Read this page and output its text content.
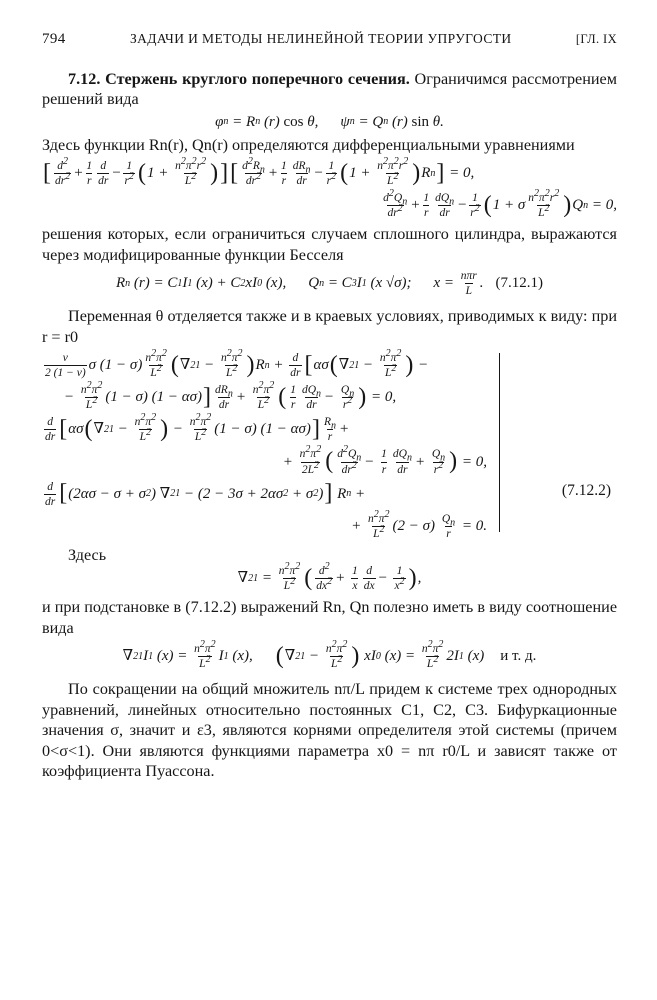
794	ЗАДАЧИ И МЕТОДЫ НЕЛИНЕЙНОЙ ТЕОРИИ УПРУГОСТИ	[ГЛ. IX

7.12. Стержень круглого поперечного сечения. Ограничимся рассмотрением решений вида

φ n = R n (r) cos θ, ψ n = Q n (r) sin θ.

Здесь функции Rn(r), Qn(r) определяются дифференциальными уравнениями

[ $\frac{d2}{dr2} + \frac{1}{r} \frac{d}{dr} - \frac{1}{r2}$ ( $1 + \frac{n2\pi 2r2}{L2}$ ) ] [ $\frac{d2Rn}{dr2} + \frac{1}{r} \frac{\text{dRn}}{dr} - \frac{1}{r2}$ ( $1 + \frac{n2\pi 2r2}{L2}$ ) R n ] = 0,
$\frac{d2Qn}{dr2} + \frac{1}{r} \frac{\text{dQn}}{dr} - \frac{1}{r2}$ ( 1 + σ $\frac{n2\pi 2r2}{L2}$ ) Q n = 0,

решения которых, если ограничиться случаем сплошного цилиндра, выражаются через модифицированные функции Бесселя

R n (r) = C 1 I 1 (x) + C 2 xI 0 (x), Q n = C 3 I 1 (x √σ); $x = \frac{\text{nπr}}{L}$ . (7.12.1)

Переменная θ отделяется также и в краевых условиях, приводимых к виду: при r = r0

(7.12.2)
$\frac{\nu}{2 (1 - \nu)}$ σ $(1 - \sigma) \frac{n2\pi 2}{L2}$ ( ∇ 2 $1 - \frac{n2\pi 2}{L2}$ ) R $n + \frac{d}{dr}$ [ ασ ( ∇ 2 $1 - \frac{n2\pi 2}{L2}$ ) −
− $\frac{n2\pi 2}{L2} (1 - \sigma) (1 - \alpha\sigma)$ ] $\frac{\text{dRn}}{dr} + \frac{n2\pi 2}{L2}$ ( $\frac{1}{r} \frac{\text{dQn}}{dr} - \frac{Qn}{r2}$ ) = 0,
$\frac{d}{dr}$ [ ασ ( ∇ 2 $1 - \frac{n2\pi 2}{L2}$ ) − $\frac{n2\pi 2}{L2} (1 - \sigma) (1 - \alpha\sigma)$ ] $\frac{Rn}{r}$ +
+ $\frac{n2\pi 2}{2L2}$ ( $\frac{d2Qn}{dr2} - \frac{1}{r} \frac{\text{dQn}}{dr} + \frac{Qn}{r2}$ ) = 0,
$\frac{d}{dr}$ [ (2ασ − σ + σ 2 ) ∇ 2 1 − (2 − 3σ + 2ασ 2 + σ 2 ) ] R n +
+ $\frac{n2\pi 2}{L2} (2 - \sigma) \frac{Qn}{r} = 0$.

Здесь

∇ 2 $1 = \frac{n2\pi 2}{L2}$ ( $\frac{d2}{dx2} + \frac{1}{x} \frac{d}{dx} - \frac{1}{x2}$ ) ,

и при подстановке в (7.12.2) выражений Rn, Qn полезно иметь в виду соотношение вида

∇ 2 1 I 1 $(x) = \frac{n2\pi 2}{L2}$ I 1 (x), ( ∇ 2 $1 - \frac{n2\pi 2}{L2}$ ) xI 0 $(x) = \frac{n2\pi 2}{L2} 2I$ 1 (x) и т. д.

По сокращении на общий множитель nπ/L придем к системе трех однородных уравнений, линейных относительно постоянных C1, C2, C3. Бифуркационные значения σ, значит и ε3, являются корнями определителя этой системы (причем 0<σ<1). Они являются функциями параметра x0 = nπ r0/L и зависят также от коэффициента Пуассона.
